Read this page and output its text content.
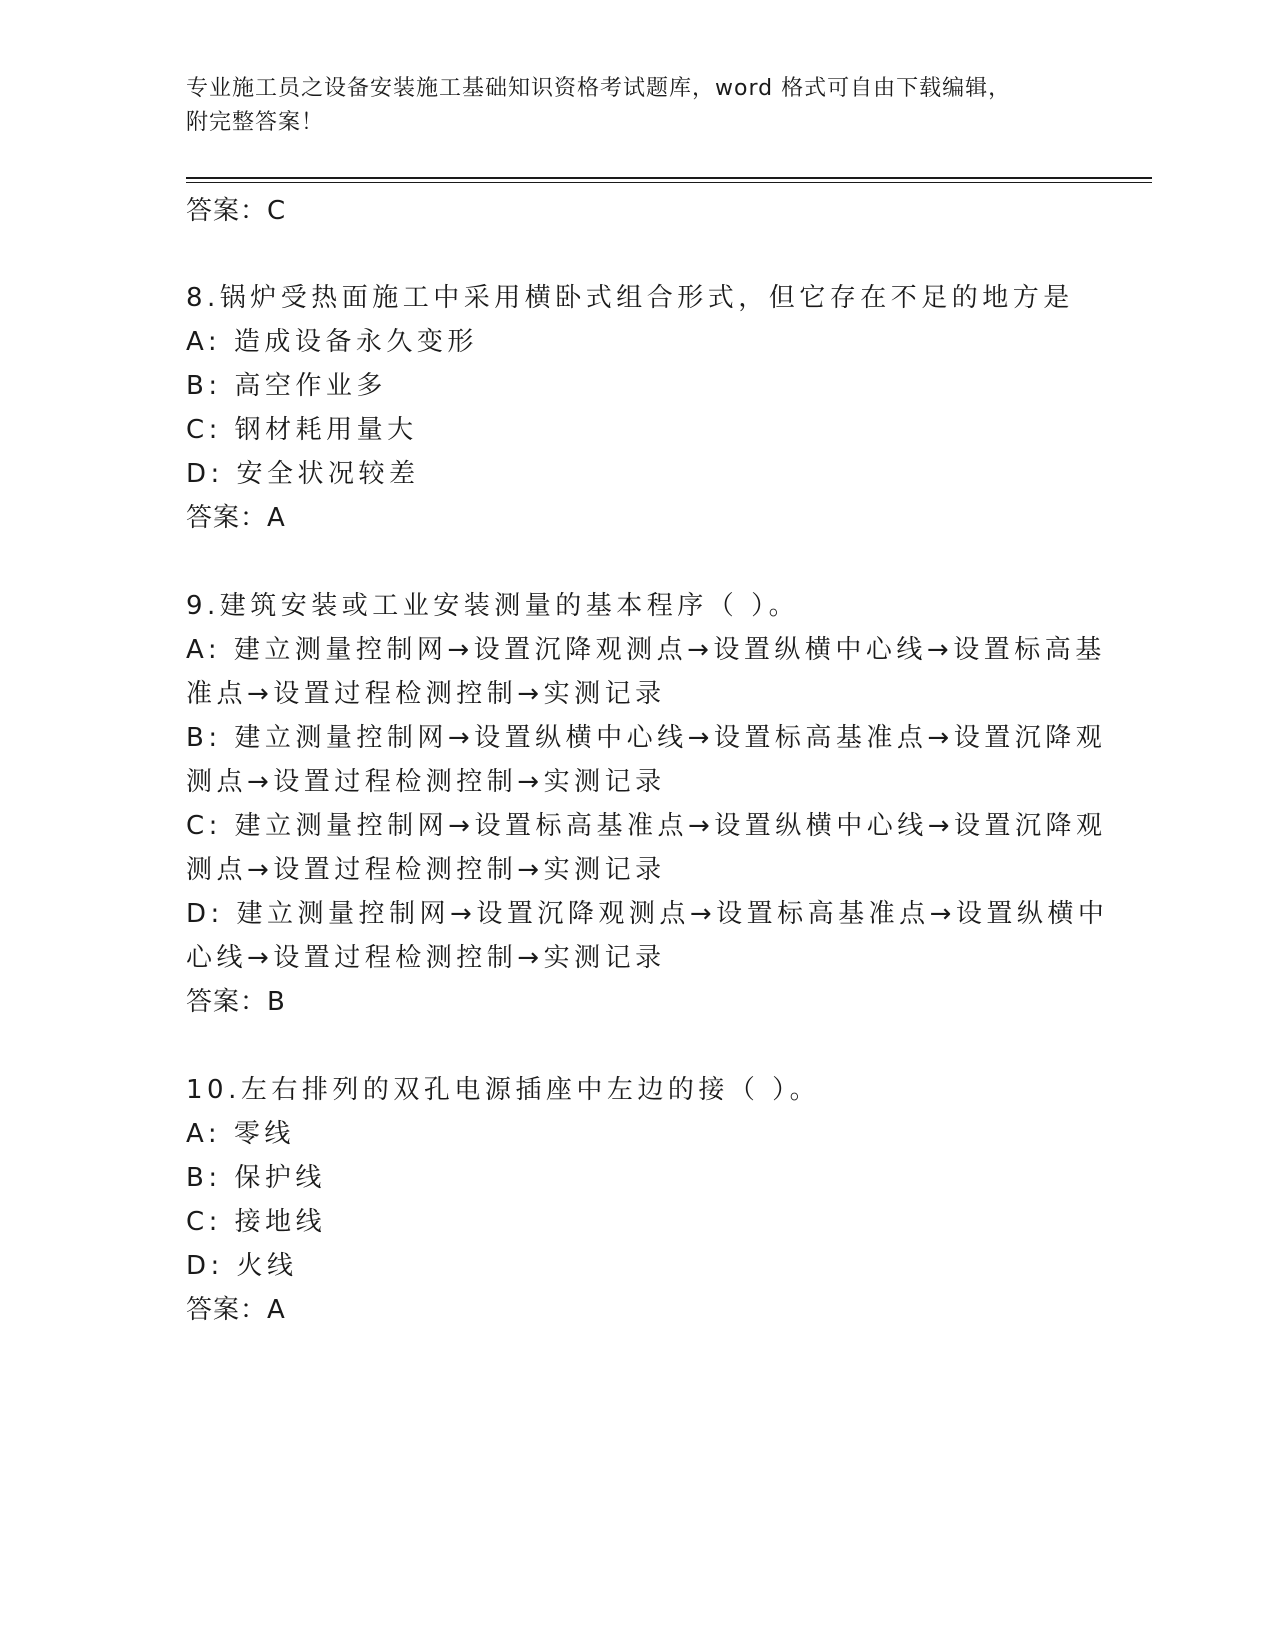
专业施工员之设备安装施工基础知识资格考试题库，word 格式可自由下载编辑，
附完整答案！
答案：C
8.锅炉受热面施工中采用横卧式组合形式，但它存在不足的地方是
A: 造成设备永久变形
B: 高空作业多
C: 钢材耗用量大
D: 安全状况较差
答案：A
9.建筑安装或工业安装测量的基本程序（ ）。
A: 建立测量控制网→设置沉降观测点→设置纵横中心线→设置标高基
准点→设置过程检测控制→实测记录
B: 建立测量控制网→设置纵横中心线→设置标高基准点→设置沉降观
测点→设置过程检测控制→实测记录
C: 建立测量控制网→设置标高基准点→设置纵横中心线→设置沉降观
测点→设置过程检测控制→实测记录
D: 建立测量控制网→设置沉降观测点→设置标高基准点→设置纵横中
心线→设置过程检测控制→实测记录
答案：B
10.左右排列的双孔电源插座中左边的接（ ）。
A: 零线
B: 保护线
C: 接地线
D: 火线
答案：A
